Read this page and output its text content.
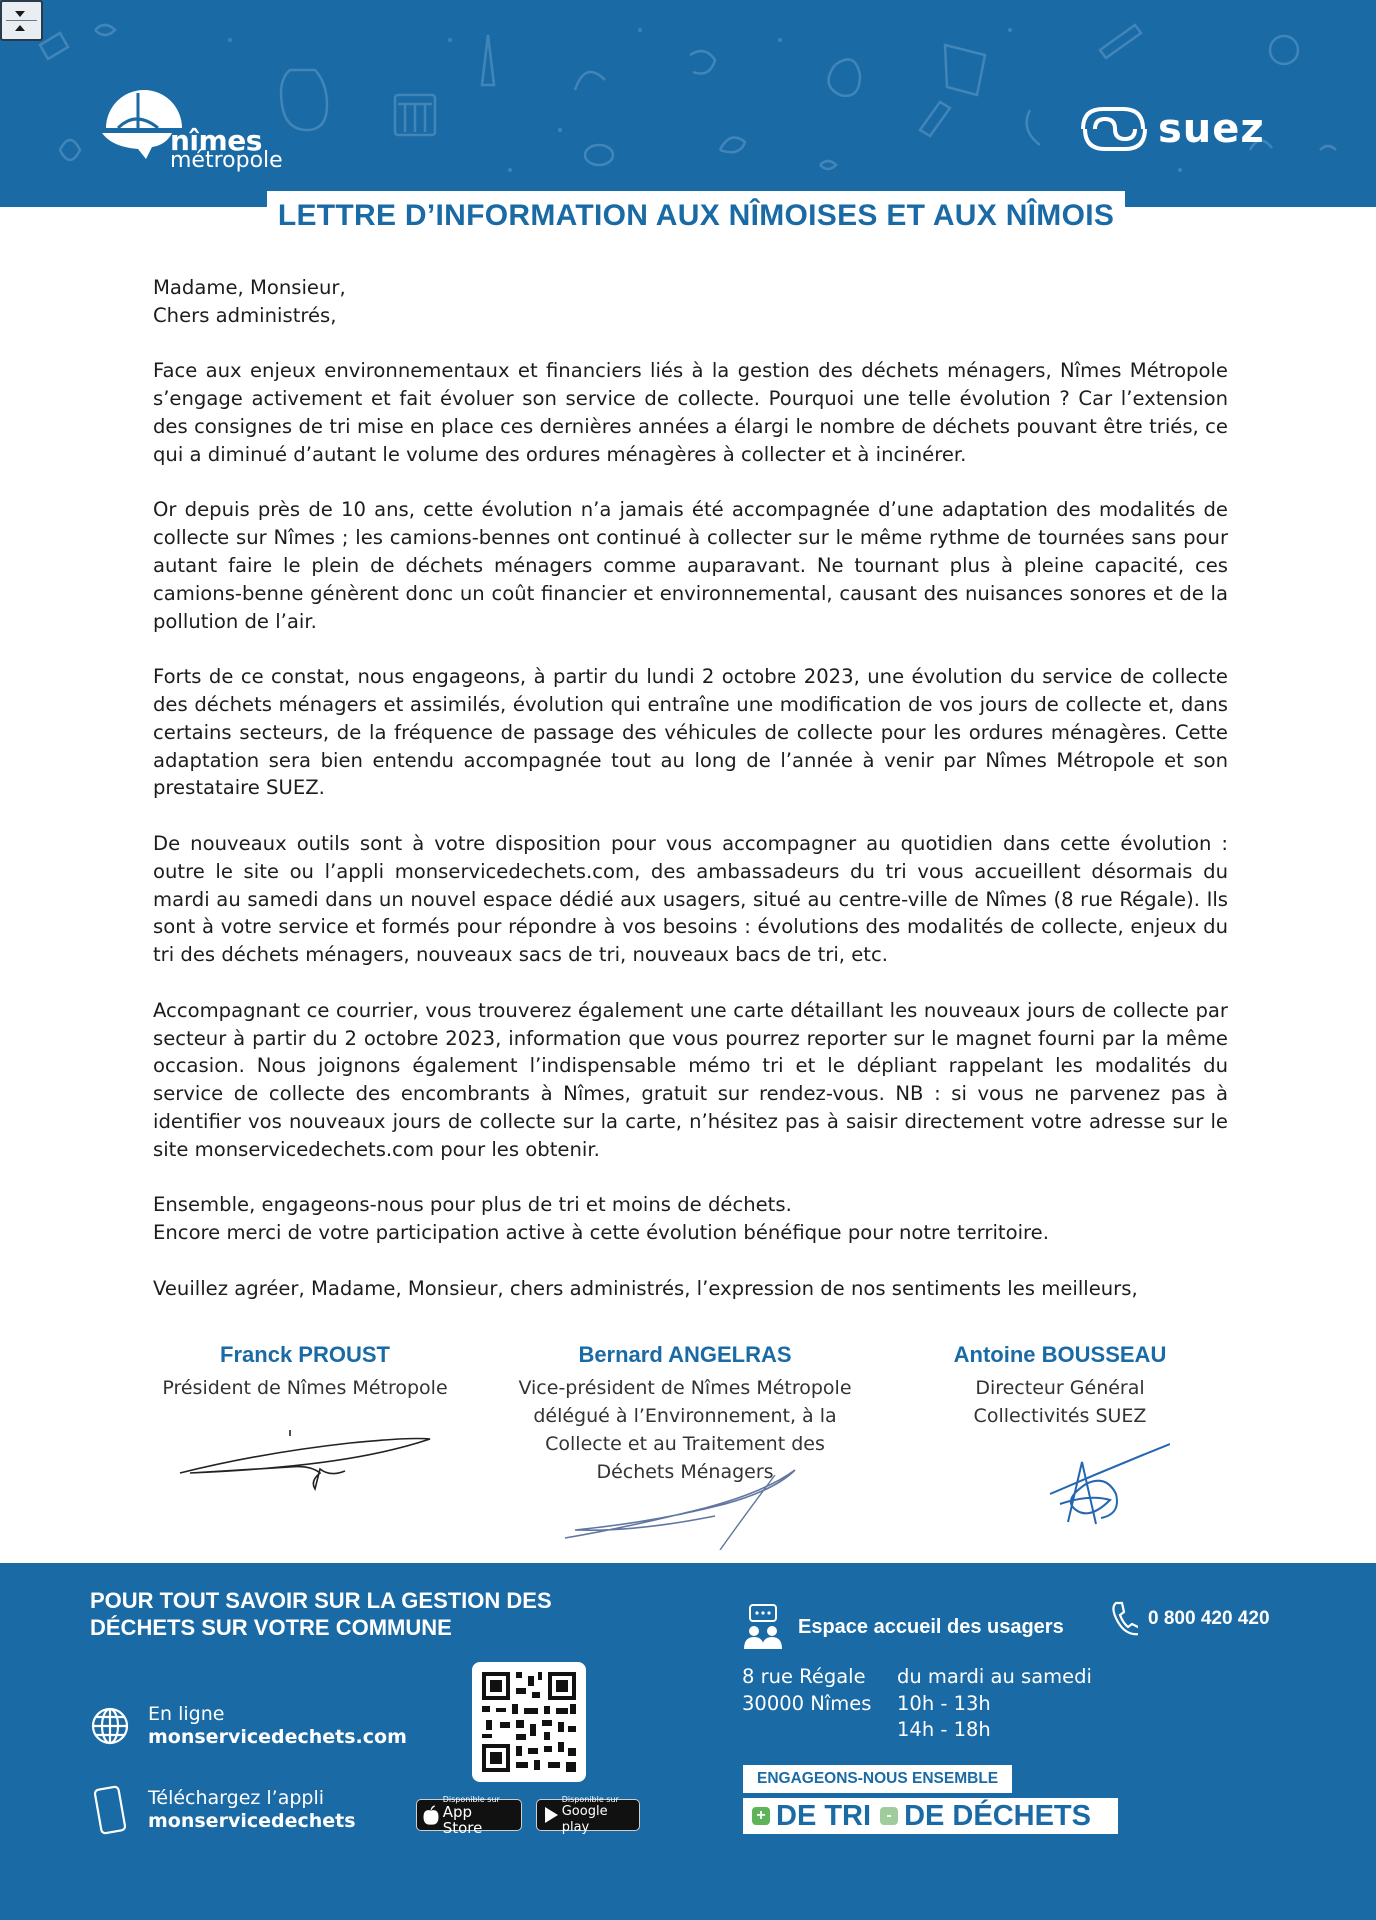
nîmes
métropole
suez
LETTRE D’INFORMATION AUX NÎMOISES ET AUX NÎMOIS

Madame, Monsieur,
Chers administrés,

Face aux enjeux environnementaux et financiers liés à la gestion des déchets ménagers, Nîmes Métropole s’engage activement et fait évoluer son service de collecte. Pourquoi une telle évolution ? Car l’extension des consignes de tri mise en place ces dernières années a élargi le nombre de déchets pouvant être triés, ce qui a diminué d’autant le volume des ordures ménagères à collecter et à incinérer.

Or depuis près de 10 ans, cette évolution n’a jamais été accompagnée d’une adaptation des modalités de collecte sur Nîmes ; les camions-bennes ont continué à collecter sur le même rythme de tournées sans pour autant faire le plein de déchets ménagers comme auparavant. Ne tournant plus à pleine capacité, ces camions-benne génèrent donc un coût financier et environnemental, causant des nuisances sonores et de la pollution de l’air.

Forts de ce constat, nous engageons, à partir du lundi 2 octobre 2023, une évolution du service de collecte des déchets ménagers et assimilés, évolution qui entraîne une modification de vos jours de collecte et, dans certains secteurs, de la fréquence de passage des véhicules de collecte pour les ordures ménagères. Cette adaptation sera bien entendu accompagnée tout au long de l’année à venir par Nîmes Métropole et son prestataire SUEZ.

De nouveaux outils sont à votre disposition pour vous accompagner au quotidien dans cette évolution : outre le site ou l’appli monservicedechets.com, des ambassadeurs du tri vous accueillent désormais du mardi au samedi dans un nouvel espace dédié aux usagers, situé au centre-ville de Nîmes (8 rue Régale). Ils sont à votre service et formés pour répondre à vos besoins : évolutions des modalités de collecte, enjeux du tri des déchets ménagers, nouveaux sacs de tri, nouveaux bacs de tri, etc.

Accompagnant ce courrier, vous trouverez également une carte détaillant les nouveaux jours de collecte par secteur à partir du 2 octobre 2023, information que vous pourrez reporter sur le magnet fourni par la même occasion. Nous joignons également l’indispensable mémo tri et le dépliant rappelant les modalités du service de collecte des encombrants à Nîmes, gratuit sur rendez-vous. NB : si vous ne parvenez pas à identifier vos nouveaux jours de collecte sur la carte, n’hésitez pas à saisir directement votre adresse sur le site monservicedechets.com pour les obtenir.

Ensemble, engageons-nous pour plus de tri et moins de déchets.
Encore merci de votre participation active à cette évolution bénéfique pour notre territoire.

Veuillez agréer, Madame, Monsieur, chers administrés, l’expression de nos sentiments les meilleurs,

Franck PROUST
Président de Nîmes Métropole
Bernard ANGELRAS
Vice-président de Nîmes Métropole
délégué à l’Environnement, à la
Collecte et au Traitement des
Déchets Ménagers
Antoine BOUSSEAU
Directeur Général
Collectivités SUEZ
POUR TOUT SAVOIR SUR LA GESTION DES
DÉCHETS SUR VOTRE COMMUNE
En ligne
monservicedechets.com
Téléchargez l’appli
monservicedechets
Disponible sur
App Store
Disponible sur
Google play
Espace accueil des usagers	0 800 420 420
8 rue Régale
30000 Nîmes
du mardi au samedi
10h - 13h
14h - 18h
ENGAGEONS-NOUS ENSEMBLE
+ DE TRI - DE DÉCHETS
